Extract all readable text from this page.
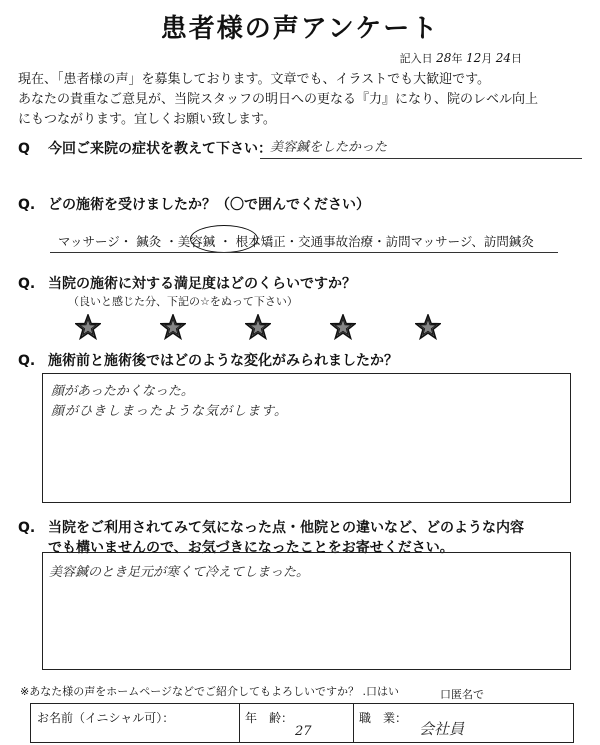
患者様の声アンケート
記入日 28年 12月 24日
現在、「患者様の声」を募集しております。文章でも、イラストでも大歓迎です。
あなたの貴重なご意見が、当院スタッフの明日への更なる『力』になり、院のレベル向上
にもつながります。宜しくお願い致します。
Q 今回ご来院の症状を教えて下さい：
美容鍼をしたかった
Q. どの施術を受けましたか？（〇で囲んでください）
マッサージ・ 鍼灸 ・美容鍼 ・ 根本矯正・交通事故治療・訪問マッサージ、訪問鍼灸
Q. 当院の施術に対する満足度はどのくらいですか？
（良いと感じた分、下記の☆をぬって下さい）
Q. 施術前と施術後ではどのような変化がみられましたか？
顔があったかくなった。
顔がひきしまったような気がします。
Q. 当院をご利用されてみて気になった点・他院との違いなど、どのような内容
でも構いませんので、お気づきになったことをお寄せください。
美容鍼のとき足元が寒くて冷えてしまった。
※あなた様の声をホームページなどでご紹介してもよろしいですか？ .口はい	口匿名で
お名前（イニシャル可）：	年　齢：
27
職　業：
会社員
